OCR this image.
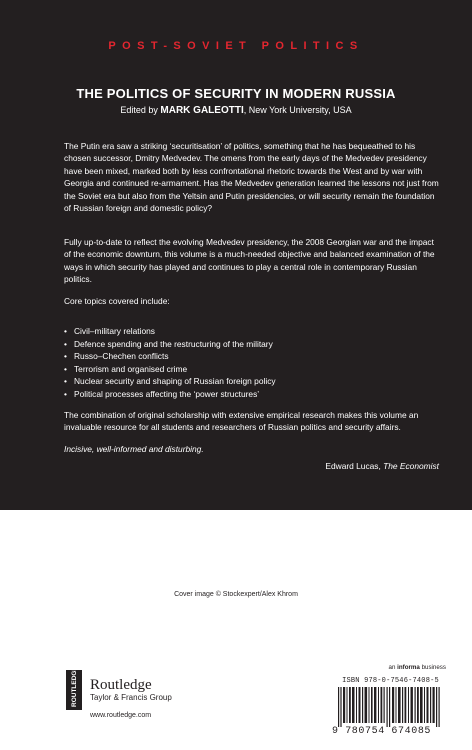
POST-SOVIET POLITICS
THE POLITICS OF SECURITY IN MODERN RUSSIA
Edited by MARK GALEOTTI, New York University, USA

The Putin era saw a striking ‘securitisation’ of politics, something that he has bequeathed to his chosen successor, Dmitry Medvedev. The omens from the early days of the Medvedev presidency have been mixed, marked both by less confrontational rhetoric towards the West and by war with Georgia and continued re-armament. Has the Medvedev generation learned the lessons not just from the Soviet era but also from the Yeltsin and Putin presidencies, or will security remain the foundation of Russian foreign and domestic policy?

Fully up-to-date to reflect the evolving Medvedev presidency, the 2008 Georgian war and the impact of the economic downturn, this volume is a much-needed objective and balanced examination of the ways in which security has played and continues to play a central role in contemporary Russian politics.

Core topics covered include:

• Civil–military relations
• Defence spending and the restructuring of the military
• Russo–Chechen conflicts
• Terrorism and organised crime
• Nuclear security and shaping of Russian foreign policy
• Political processes affecting the ‘power structures’

The combination of original scholarship with extensive empirical research makes this volume an invaluable resource for all students and researchers of Russian politics and security affairs.

Incisive, well-informed and disturbing.
Edward Lucas, The Economist
Cover image © Stockexpert/Alex Khrom
an informa business
ISBN 978-0-7546-7408-5
9 780754 674085
ROUTLEDGE Routledge
Taylor & Francis Group
www.routledge.com
